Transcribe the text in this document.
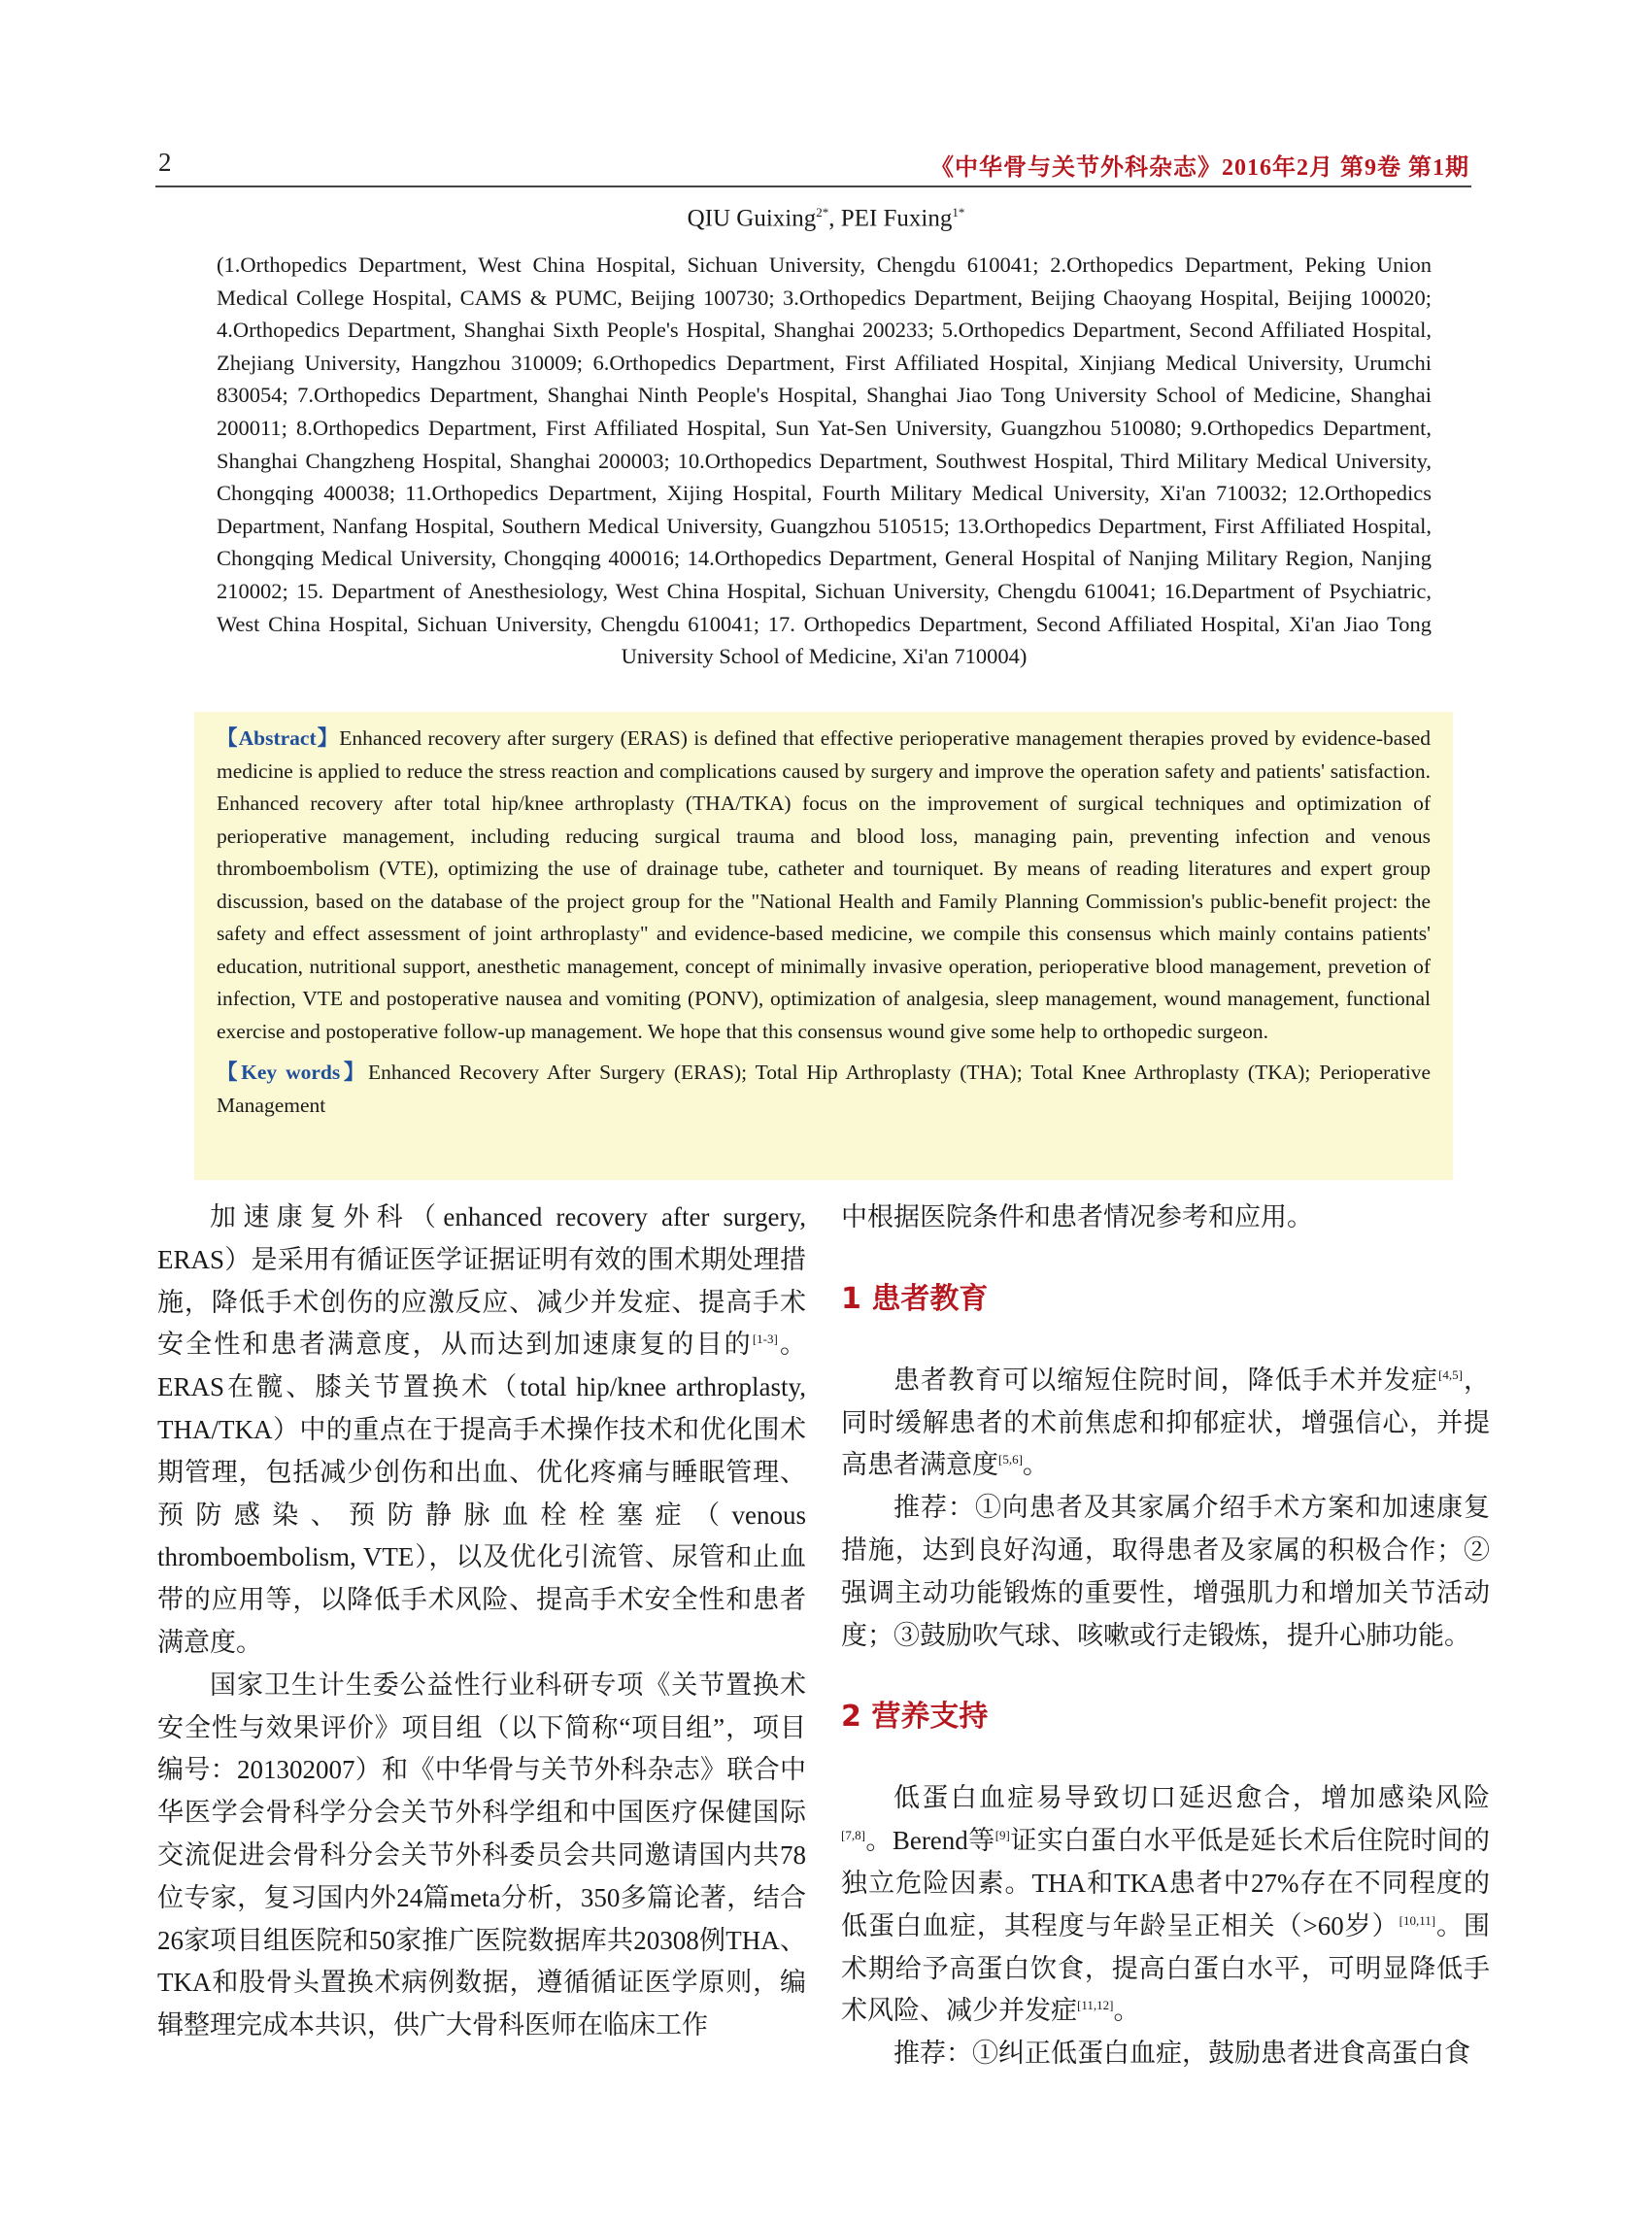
2	《中华骨与关节外科杂志》2016年2月 第9卷 第1期
QIU Guixing$^{2*}$, PEI Fuxing$^{1*}$
(1.Orthopedics Department, West China Hospital, Sichuan University, Chengdu 610041; 2.Orthopedics Department, Peking Union Medical College Hospital, CAMS & PUMC, Beijing 100730; 3.Orthopedics Department, Beijing Chaoyang Hospital, Beijing 100020; 4.Orthopedics Department, Shanghai Sixth People's Hospital, Shanghai 200233; 5.Orthopedics Department, Second Affiliated Hospital, Zhejiang University, Hangzhou 310009; 6.Orthopedics Department, First Affiliated Hospital, Xinjiang Medical University, Urumchi 830054; 7.Orthopedics Department, Shanghai Ninth People's Hospital, Shanghai Jiao Tong University School of Medicine, Shanghai 200011; 8.Orthopedics Department, First Affiliated Hospital, Sun Yat-Sen University, Guangzhou 510080; 9.Orthopedics Department, Shanghai Changzheng Hospital, Shanghai 200003; 10.Orthopedics Department, Southwest Hospital, Third Military Medical University, Chongqing 400038; 11.Orthopedics Department, Xijing Hospital, Fourth Military Medical University, Xi'an 710032; 12.Orthopedics Department, Nanfang Hospital, Southern Medical University, Guangzhou 510515; 13.Orthopedics Department, First Affiliated Hospital, Chongqing Medical University, Chongqing 400016; 14.Orthopedics Department, General Hospital of Nanjing Military Region, Nanjing 210002; 15. Department of Anesthesiology, West China Hospital, Sichuan University, Chengdu 610041; 16.Department of Psychiatric, West China Hospital, Sichuan University, Chengdu 610041; 17. Orthopedics Department, Second Affiliated Hospital, Xi'an Jiao Tong University School of Medicine, Xi'an 710004)

【Abstract】Enhanced recovery after surgery (ERAS) is defined that effective perioperative management therapies proved by evidence-based medicine is applied to reduce the stress reaction and complications caused by surgery and improve the operation safety and patients' satisfaction. Enhanced recovery after total hip/knee arthroplasty (THA/TKA) focus on the improvement of surgical techniques and optimization of perioperative management, including reducing surgical trauma and blood loss, managing pain, preventing infection and venous thromboembolism (VTE), optimizing the use of drainage tube, catheter and tourniquet. By means of reading literatures and expert group discussion, based on the database of the project group for the "National Health and Family Planning Commission's public-benefit project: the safety and effect assessment of joint arthroplasty" and evidence-based medicine, we compile this consensus which mainly contains patients' education, nutritional support, anesthetic management, concept of minimally invasive operation, perioperative blood management, prevetion of infection, VTE and postoperative nausea and vomiting (PONV), optimization of analgesia, sleep management, wound management, functional exercise and postoperative follow-up management. We hope that this consensus wound give some help to orthopedic surgeon.

【Key words】Enhanced Recovery After Surgery (ERAS); Total Hip Arthroplasty (THA); Total Knee Arthroplasty (TKA); Perioperative Management

加速康复外科（enhanced recovery after surgery, ERAS）是采用有循证医学证据证明有效的围术期处理措施，降低手术创伤的应激反应、减少并发症、提高手术安全性和患者满意度，从而达到加速康复的目的[1-3]。ERAS在髋、膝关节置换术（total hip/knee arthroplasty, THA/TKA）中的重点在于提高手术操作技术和优化围术期管理，包括减少创伤和出血、优化疼痛与睡眠管理、预防感染、预防静脉血栓栓塞症（venous thromboembolism, VTE），以及优化引流管、尿管和止血带的应用等，以降低手术风险、提高手术安全性和患者满意度。

国家卫生计生委公益性行业科研专项《关节置换术安全性与效果评价》项目组（以下简称“项目组”，项目编号：201302007）和《中华骨与关节外科杂志》联合中华医学会骨科学分会关节外科学组和中国医疗保健国际交流促进会骨科分会关节外科委员会共同邀请国内共78位专家，复习国内外24篇meta分析，350多篇论著，结合26家项目组医院和50家推广医院数据库共20308例THA、TKA和股骨头置换术病例数据，遵循循证医学原则，编辑整理完成本共识，供广大骨科医师在临床工作

中根据医院条件和患者情况参考和应用。

1 患者教育

患者教育可以缩短住院时间，降低手术并发症[4,5]，同时缓解患者的术前焦虑和抑郁症状，增强信心，并提高患者满意度[5,6]。

推荐：①向患者及其家属介绍手术方案和加速康复措施，达到良好沟通，取得患者及家属的积极合作；②强调主动功能锻炼的重要性，增强肌力和增加关节活动度；③鼓励吹气球、咳嗽或行走锻炼，提升心肺功能。

2 营养支持

低蛋白血症易导致切口延迟愈合，增加感染风险[7,8]。Berend等[9]证实白蛋白水平低是延长术后住院时间的独立危险因素。THA和TKA患者中27%存在不同程度的低蛋白血症，其程度与年龄呈正相关（>60岁）[10,11]。围术期给予高蛋白饮食，提高白蛋白水平，可明显降低手术风险、减少并发症[11,12]。

推荐：①纠正低蛋白血症，鼓励患者进食高蛋白食
